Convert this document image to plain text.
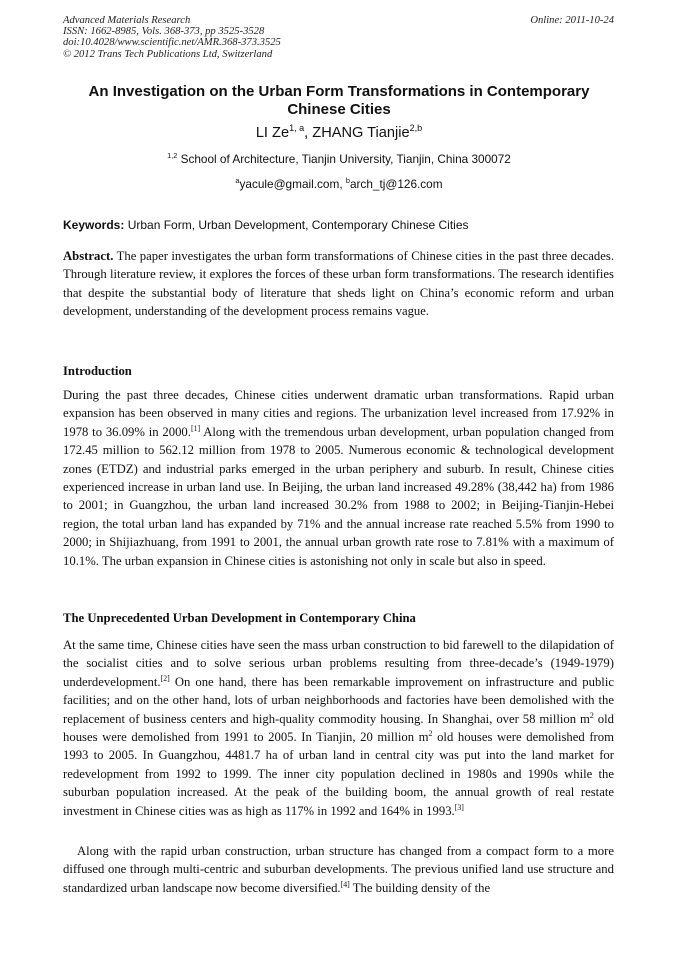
Advanced Materials Research
ISSN: 1662-8985, Vols. 368-373, pp 3525-3528
doi:10.4028/www.scientific.net/AMR.368-373.3525
© 2012 Trans Tech Publications Ltd, Switzerland
Online: 2011-10-24
An Investigation on the Urban Form Transformations in Contemporary Chinese Cities
LI Ze$^{1, a}$, ZHANG Tianjie$^{2,b}$
$^{1,2}$ School of Architecture, Tianjin University, Tianjin, China 300072
$^a$yacule@gmail.com, $^b$arch_tj@126.com
Keywords: Urban Form, Urban Development, Contemporary Chinese Cities
Abstract. The paper investigates the urban form transformations of Chinese cities in the past three decades. Through literature review, it explores the forces of these urban form transformations. The research identifies that despite the substantial body of literature that sheds light on China’s economic reform and urban development, understanding of the development process remains vague.
Introduction
During the past three decades, Chinese cities underwent dramatic urban transformations. Rapid urban expansion has been observed in many cities and regions. The urbanization level increased from 17.92% in 1978 to 36.09% in 2000.[1] Along with the tremendous urban development, urban population changed from 172.45 million to 562.12 million from 1978 to 2005. Numerous economic & technological development zones (ETDZ) and industrial parks emerged in the urban periphery and suburb. In result, Chinese cities experienced increase in urban land use. In Beijing, the urban land increased 49.28% (38,442 ha) from 1986 to 2001; in Guangzhou, the urban land increased 30.2% from 1988 to 2002; in Beijing-Tianjin-Hebei region, the total urban land has expanded by 71% and the annual increase rate reached 5.5% from 1990 to 2000; in Shijiazhuang, from 1991 to 2001, the annual urban growth rate rose to 7.81% with a maximum of 10.1%. The urban expansion in Chinese cities is astonishing not only in scale but also in speed.
The Unprecedented Urban Development in Contemporary China
At the same time, Chinese cities have seen the mass urban construction to bid farewell to the dilapidation of the socialist cities and to solve serious urban problems resulting from three-decade’s (1949-1979) underdevelopment.[2] On one hand, there has been remarkable improvement on infrastructure and public facilities; and on the other hand, lots of urban neighborhoods and factories have been demolished with the replacement of business centers and high-quality commodity housing. In Shanghai, over 58 million $m^2$ old houses were demolished from 1991 to 2005. In Tianjin, 20 million $m^2$ old houses were demolished from 1993 to 2005. In Guangzhou, 4481.7 ha of urban land in central city was put into the land market for redevelopment from 1992 to 1999. The inner city population declined in 1980s and 1990s while the suburban population increased. At the peak of the building boom, the annual growth of real restate investment in Chinese cities was as high as 117% in 1992 and 164% in 1993.[3]
Along with the rapid urban construction, urban structure has changed from a compact form to a more diffused one through multi-centric and suburban developments. The previous unified land use structure and standardized urban landscape now become diversified.[4] The building density of the
